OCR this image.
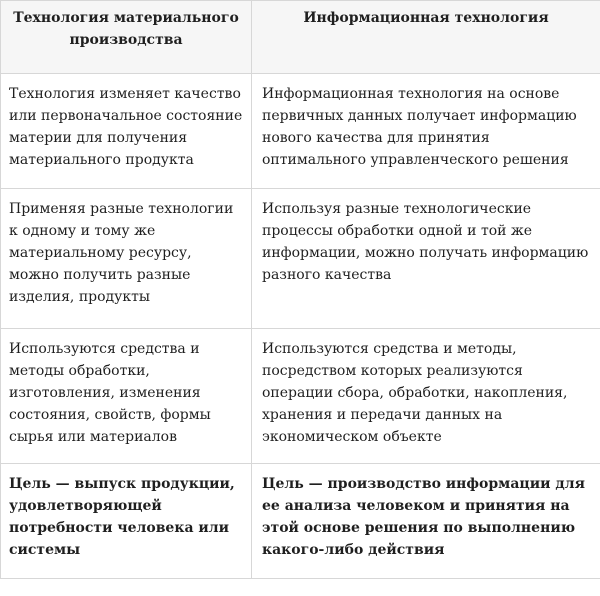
Технология материального производства	Информационная технология

Технология изменяет качество или первоначальное состояние материи для получения материального продукта	Информационная технология на основе первичных данных получает информацию нового качества для принятия оптимального управленческого решения

Применяя разные технологии к одному и тому же материальному ресурсу, можно получить разные изделия, продукты	Используя разные технологические процессы обработки одной и той же информации, можно получать информацию разного качества

Используются средства и методы обработки, изготовления, изменения состояния, свойств, формы сырья или материалов	Используются средства и методы, посредством которых реализуются операции сбора, обработки, накопления, хранения и передачи данных на экономическом объекте

Цель — выпуск продукции, удовлетворяющей потребности человека или системы	Цель — производство информации для ее анализа человеком и принятия на этой основе решения по выполнению какого-либо действия
